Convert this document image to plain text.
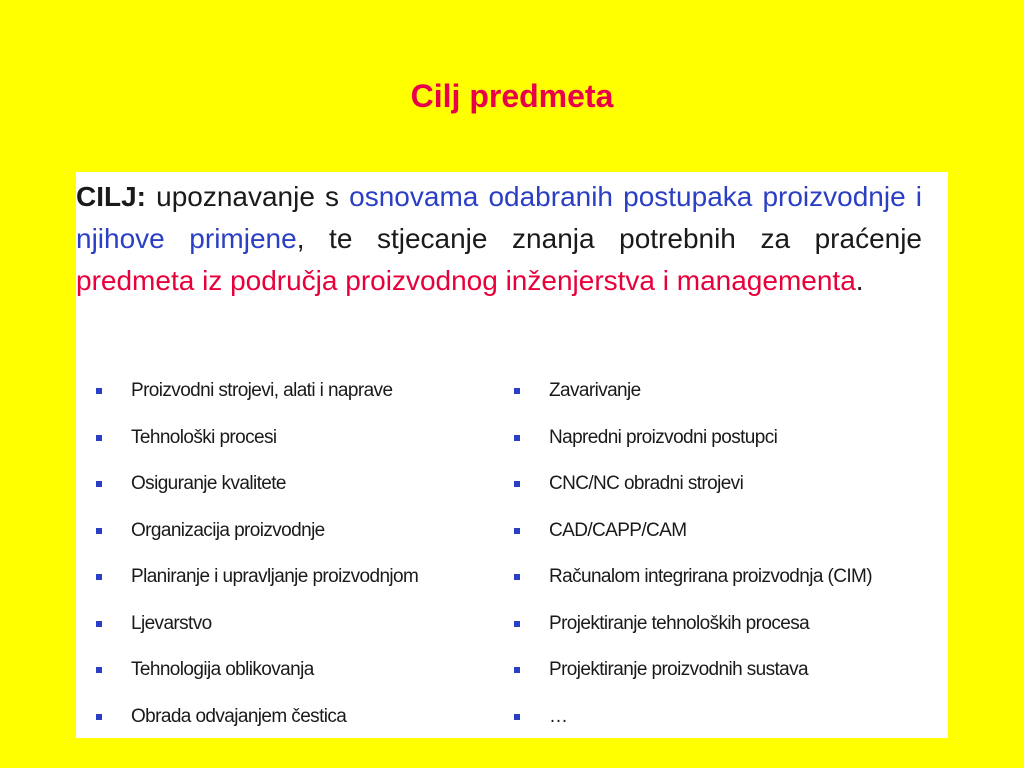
Cilj predmeta
CILJ: upoznavanje s osnovama odabranih postupaka proizvodnje i njihove primjene, te stjecanje znanja potrebnih za praćenje predmeta iz područja proizvodnog inženjerstva i managementa.
Proizvodni strojevi, alati i naprave
Tehnološki procesi
Osiguranje kvalitete
Organizacija proizvodnje
Planiranje i upravljanje proizvodnjom
Ljevarstvo
Tehnologija oblikovanja
Obrada odvajanjem čestica
Zavarivanje
Napredni proizvodni postupci
CNC/NC obradni strojevi
CAD/CAPP/CAM
Računalom integrirana proizvodnja (CIM)
Projektiranje tehnoloških procesa
Projektiranje proizvodnih sustava
…
